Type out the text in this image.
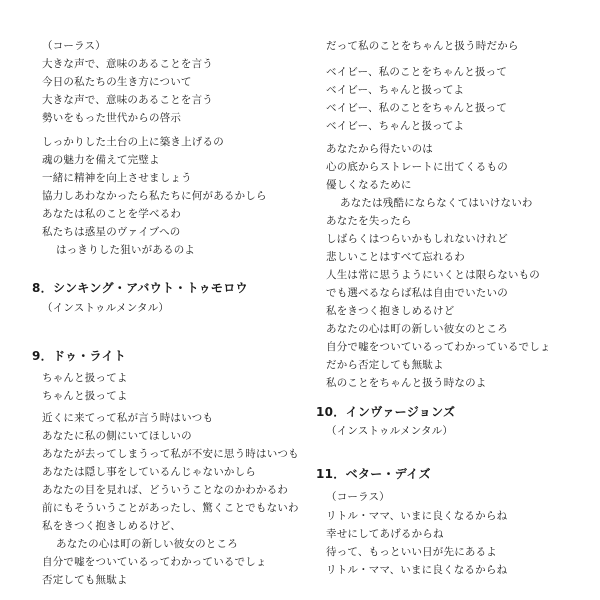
（コーラス）
大きな声で、意味のあることを言う
今日の私たちの生き方について
大きな声で、意味のあることを言う
勢いをもった世代からの啓示
しっかりした土台の上に築き上げるの
魂の魅力を備えて完璧よ
一緒に精神を向上させましょう
協力しあわなかったら私たちに何があるかしら
あなたは私のことを学べるわ
私たちは惑星のヴァイブへの
はっきりした狙いがあるのよ
8．シンキング・アバウト・トゥモロウ
（インストゥルメンタル）
9．ドゥ・ライト
ちゃんと扱ってよ
ちゃんと扱ってよ
近くに来てって私が言う時はいつも
あなたに私の側にいてほしいの
あなたが去ってしまうって私が不安に思う時はいつも
あなたは隠し事をしているんじゃないかしら
あなたの目を見れば、どういうことなのかわかるわ
前にもそういうことがあったし、驚くことでもないわ
私をきつく抱きしめるけど、
あなたの心は町の新しい彼女のところ
自分で嘘をついているってわかっているでしょ
否定しても無駄よ
だって私のことをちゃんと扱う時だから
ベイビー、私のことをちゃんと扱って
ベイビー、ちゃんと扱ってよ
ベイビー、私のことをちゃんと扱って
ベイビー、ちゃんと扱ってよ
あなたから得たいのは
心の底からストレートに出てくるもの
優しくなるために
あなたは残酷にならなくてはいけないわ
あなたを失ったら
しばらくはつらいかもしれないけれど
悲しいことはすべて忘れるわ
人生は常に思うようにいくとは限らないもの
でも選べるならば私は自由でいたいの
私をきつく抱きしめるけど
あなたの心は町の新しい彼女のところ
自分で嘘をついているってわかっているでしょ
だから否定しても無駄よ
私のことをちゃんと扱う時なのよ
10．インヴァージョンズ
（インストゥルメンタル）
11．ベター・デイズ
（コーラス）
リトル・ママ、いまに良くなるからね
幸せにしてあげるからね
待って、もっといい日が先にあるよ
リトル・ママ、いまに良くなるからね
